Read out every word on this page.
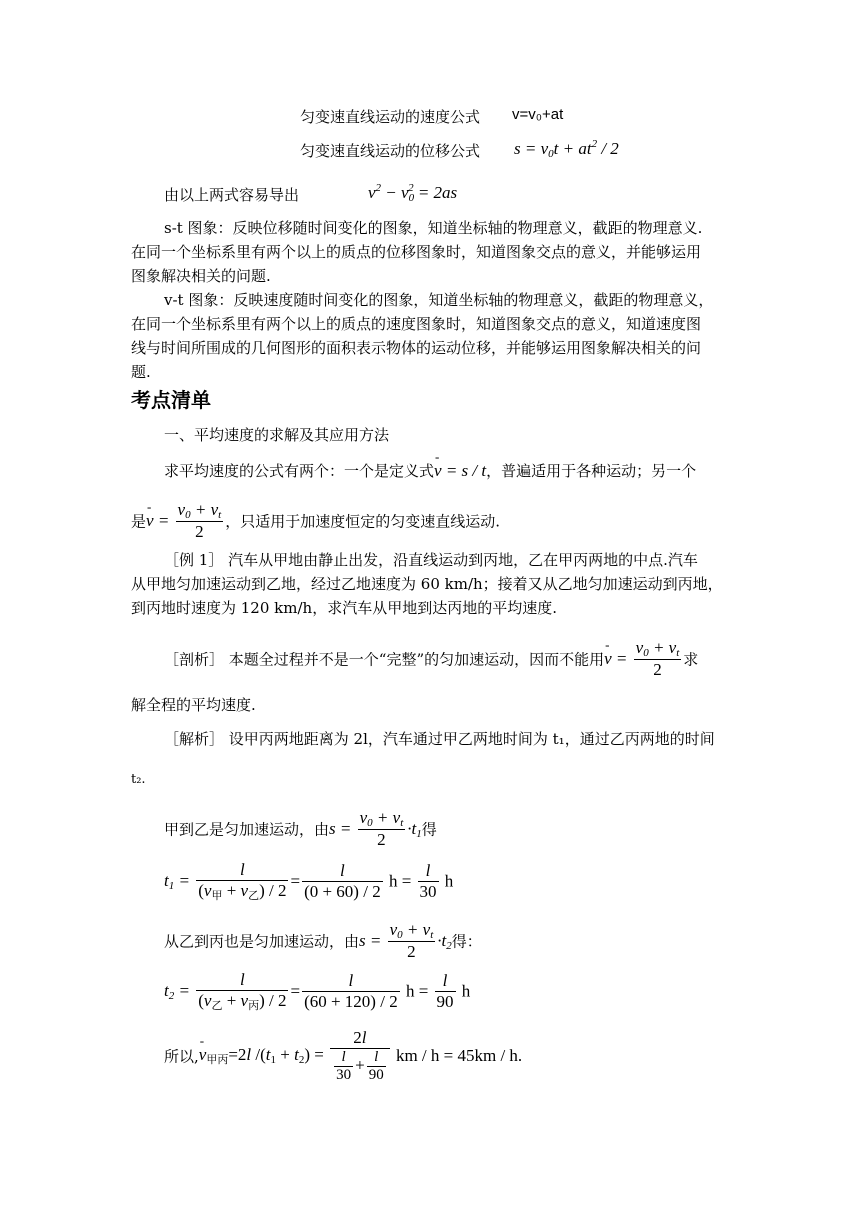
匀变速直线运动的速度公式 v=v₀+at
匀变速直线运动的位移公式 $s = v_0t + at^2 / 2$
由以上两式容易导出	$v^2 - v_0^2 = 2as$
s-t 图象：反映位移随时间变化的图象，知道坐标轴的物理意义，截距的物理意义.
在同一个坐标系里有两个以上的质点的位移图象时，知道图象交点的意义，并能够运用
图象解决相关的问题.
v-t 图象：反映速度随时间变化的图象，知道坐标轴的物理意义，截距的物理意义，
在同一个坐标系里有两个以上的质点的速度图象时，知道图象交点的意义，知道速度图
线与时间所围成的几何图形的面积表示物体的运动位移，并能够运用图象解决相关的问
题.
考点清单
一、平均速度的求解及其应用方法
求平均速度的公式有两个：一个是定义式- v = s / t，普遍适用于各种运动；另一个
是- $v = \frac{v_0 + v_t}{2}$ ，只适用于加速度恒定的匀变速直线运动.
［例 1］ 汽车从甲地由静止出发，沿直线运动到丙地，乙在甲丙两地的中点.汽车
从甲地匀加速运动到乙地，经过乙地速度为 60 km/h；接着又从乙地匀加速运动到丙地，
到丙地时速度为 120 km/h，求汽车从甲地到达丙地的平均速度.
［剖析］ 本题全过程并不是一个“完整”的匀加速运动，因而不能用- $v = \frac{v_0 + v_t}{2}$ 求
解全程的平均速度.
［解析］ 设甲丙两地距离为 2l，汽车通过甲乙两地时间为 t₁，通过乙丙两地的时间
t₂.
甲到乙是匀加速运动，由$s = \frac{v_0 + v_t}{2} \cdot t_1$得
$t_1 = \frac{l}{(v_甲 + v_乙) / 2} = \frac{l}{(0 + 60) / 2}$ $h = \frac{l}{30}$ h
从乙到丙也是匀加速运动，由$s = \frac{v_0 + v_t}{2} \cdot t_2$得：
$t_2 = \frac{l}{(v_乙 + v_丙) / 2} = \frac{l}{(60 + 120) / 2}$ $h = \frac{l}{90}$ h
所以,- $v_{甲丙}=2l$ $/(t_1 + t_2) = \frac{2l}{\frac{l}{30} + \frac{l}{90}}$ km / h = 45km / h.
